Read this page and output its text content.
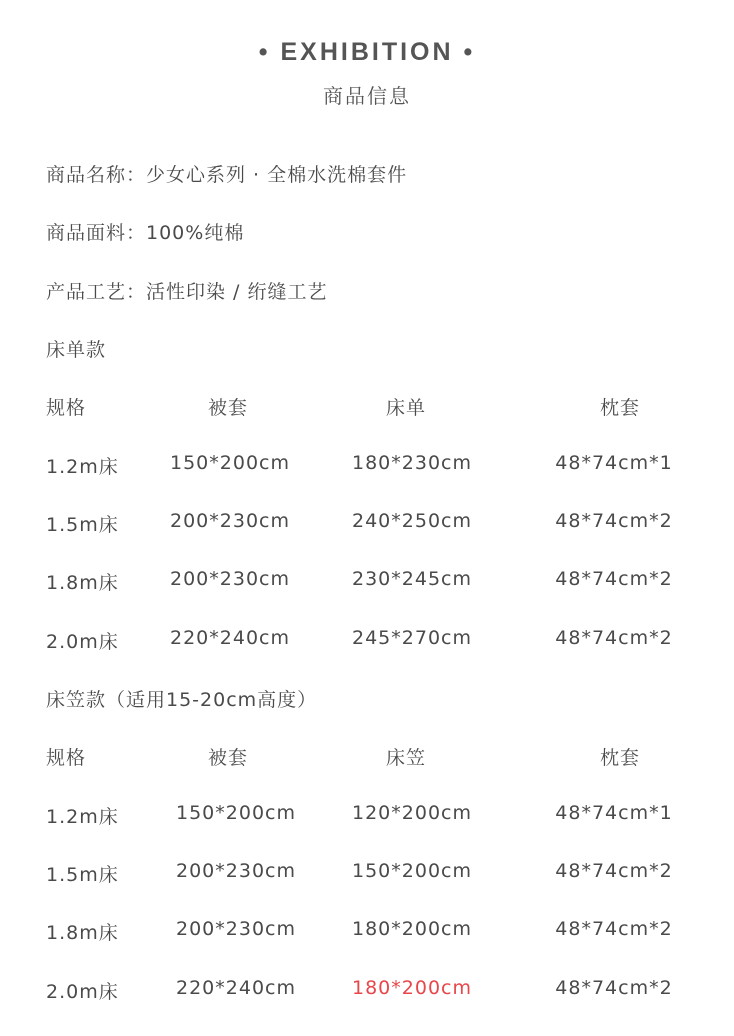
• EXHIBITION •
商品信息
商品名称：少女心系列 · 全棉水洗棉套件
商品面料：100%纯棉
产品工艺：活性印染 / 绗缝工艺
床单款
规格	被套	床单	枕套
1.2m床	150*200cm	180*230cm	48*74cm*1
1.5m床	200*230cm	240*250cm	48*74cm*2
1.8m床	200*230cm	230*245cm	48*74cm*2
2.0m床	220*240cm	245*270cm	48*74cm*2
床笠款（适用15-20cm高度）
规格	被套	床笠	枕套
1.2m床	150*200cm	120*200cm	48*74cm*1
1.5m床	200*230cm	150*200cm	48*74cm*2
1.8m床	200*230cm	180*200cm	48*74cm*2
2.0m床	220*240cm	180*200cm	48*74cm*2
